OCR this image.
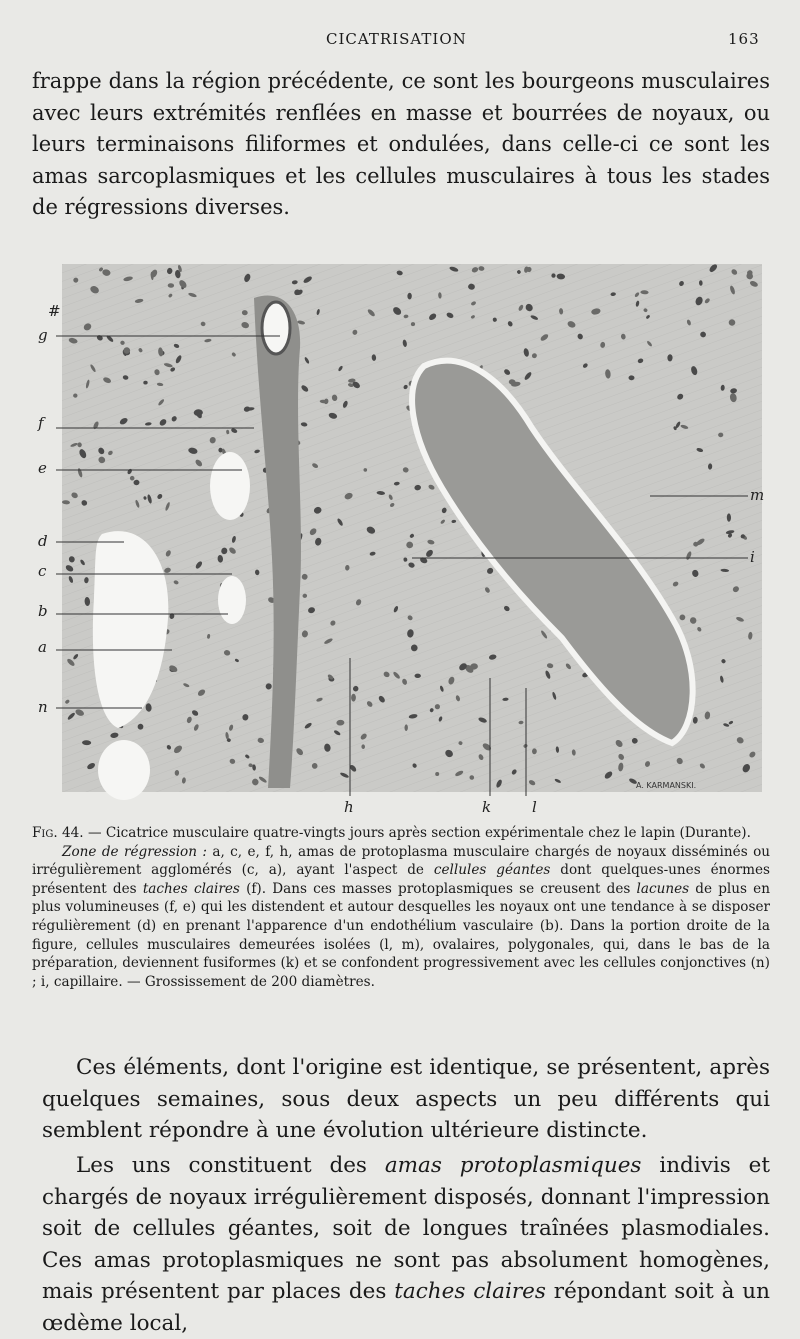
CICATRISATION	163

frappe dans la région précédente, ce sont les bourgeons musculaires avec leurs extrémités renflées en masse et bourrées de noyaux, ou leurs terminaisons filiformes et ondulées, dans celle-ci ce sont les amas sarcoplasmiques et les cellules musculaires à tous les stades de régressions diverses.

#
g
f
e
d
c
b
a
n
m
i
h	k	l
A. KARMANSKI.

Fig. 44. — Cicatrice musculaire quatre-vingts jours après section expérimentale chez le lapin (Durante).

Zone de régression : a, c, e, f, h, amas de protoplasma musculaire chargés de noyaux disséminés ou irrégulièrement agglomérés (c, a), ayant l'aspect de cellules géantes dont quelques-unes énormes présentent des taches claires (f). Dans ces masses protoplasmiques se creusent des lacunes de plus en plus volumineuses (f, e) qui les distendent et autour desquelles les noyaux ont une tendance à se disposer régulièrement (d) en prenant l'apparence d'un endothélium vasculaire (b). Dans la portion droite de la figure, cellules musculaires demeurées isolées (l, m), ovalaires, polygonales, qui, dans le bas de la préparation, deviennent fusiformes (k) et se confondent progressivement avec les cellules conjonctives (n) ; i, capillaire. — Grossissement de 200 diamètres.

Ces éléments, dont l'origine est identique, se présentent, après quelques semaines, sous deux aspects un peu différents qui semblent répondre à une évolution ultérieure distincte.

Les uns constituent des amas protoplasmiques indivis et chargés de noyaux irrégulièrement disposés, donnant l'impression soit de cellules géantes, soit de longues traînées plasmodiales. Ces amas protoplasmiques ne sont pas absolument homogènes, mais présentent par places des taches claires répondant soit à un œdème local,
